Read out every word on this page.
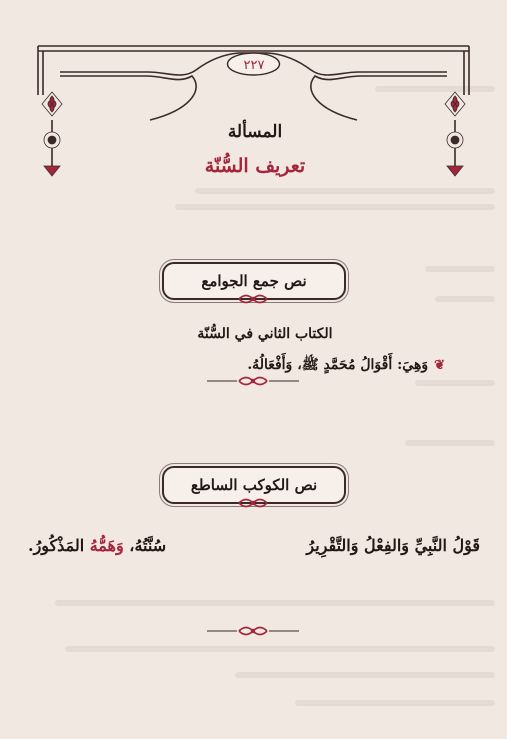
٢٢٧
المسألة
تعريف السُّنّة
نص جمع الجوامع
الكتاب الثاني في السُّنّة
❦وَهِيَ: أَقْوَالُ مُحَمَّدٍ ﷺ، وَأَفْعَالُهُ.
نص الكوكب الساطع
قَوْلُ النَّبِيِّ وَالفِعْلُ وَالتَّقْرِيرُ
سُنَّتُهُ، وَهَمُّهُ المَذْكُورُ.
